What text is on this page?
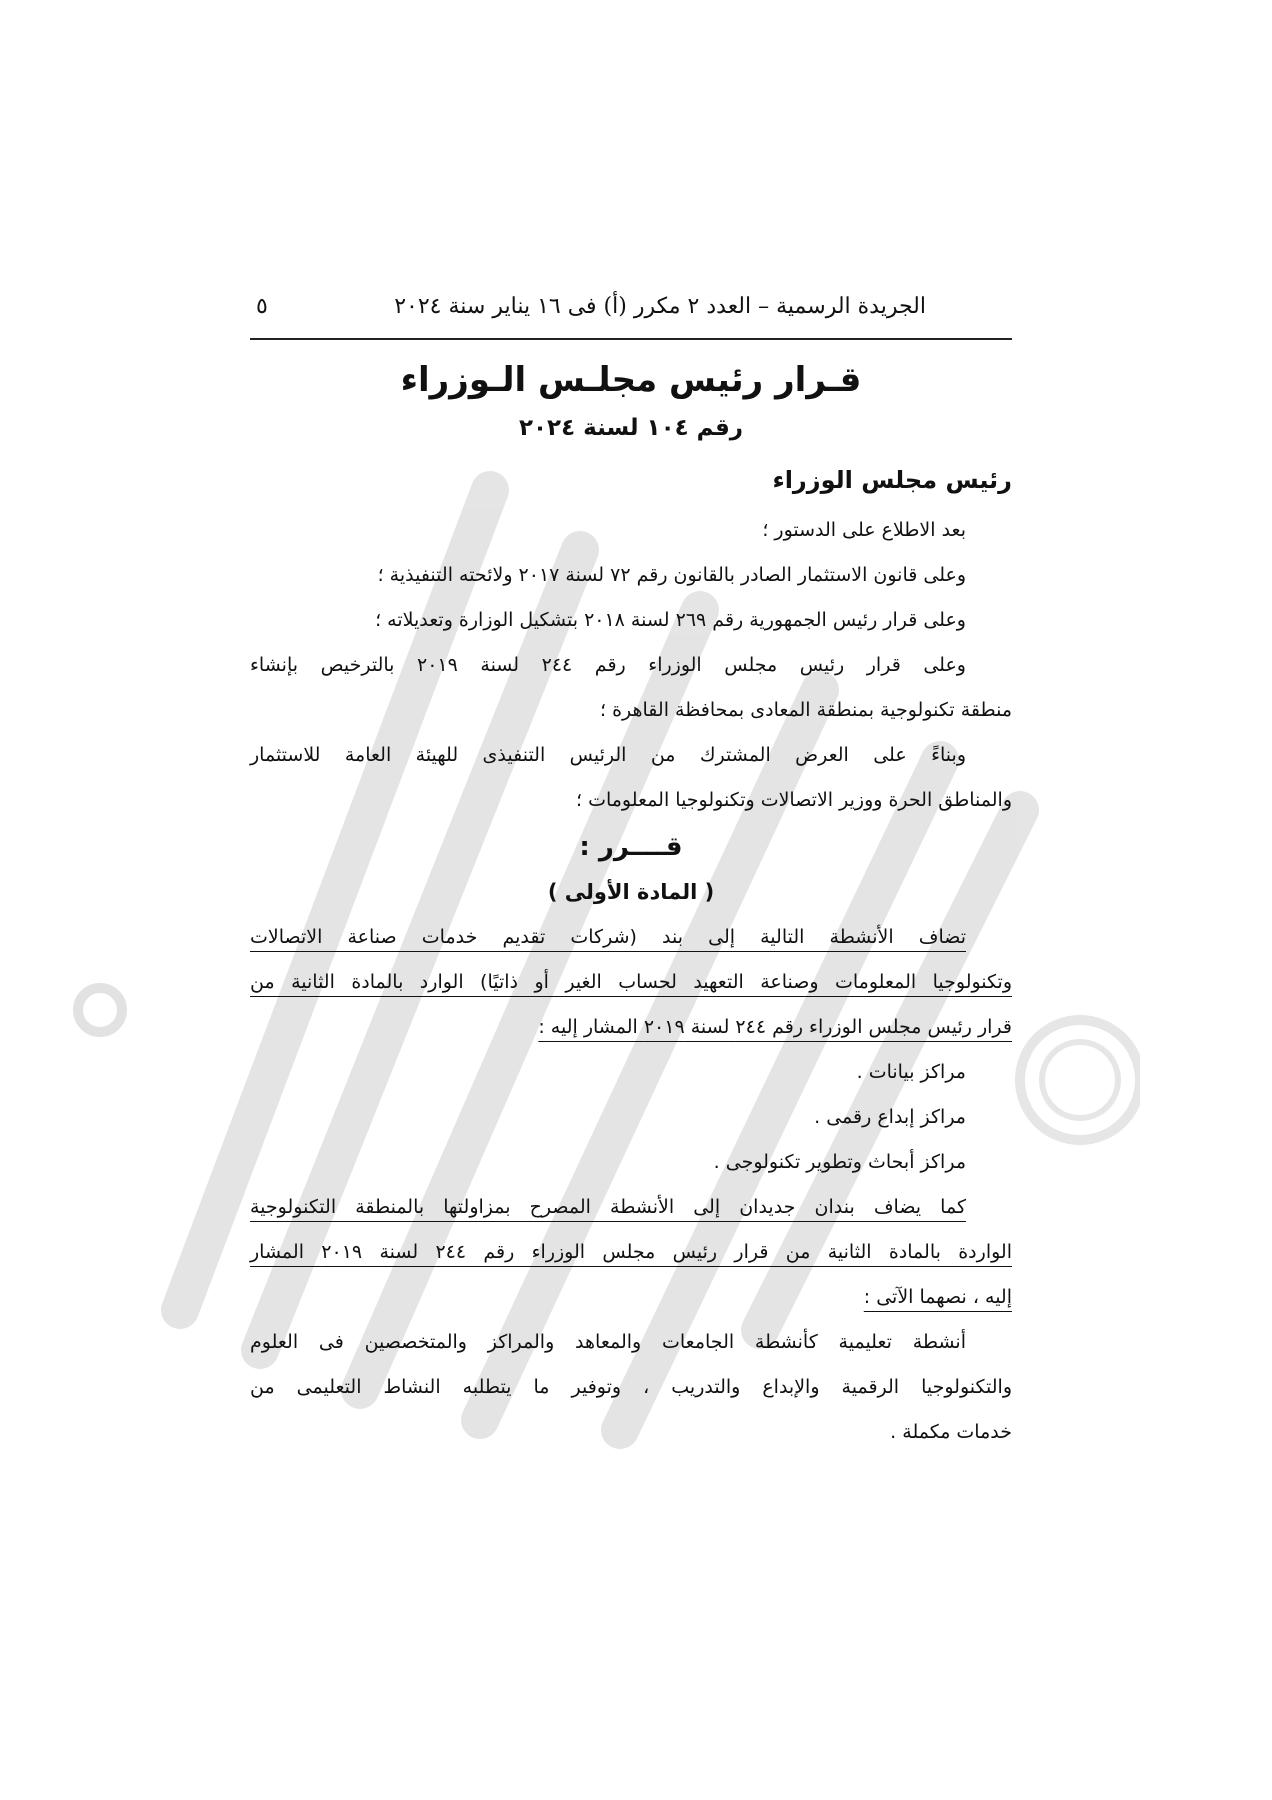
الجريدة الرسمية – العدد ٢ مكرر (أ) فى ١٦ يناير سنة ٢٠٢٤
٥
قـرار رئيس مجلـس الـوزراء
رقم ١٠٤ لسنة ٢٠٢٤
رئيس مجلس الوزراء

بعد الاطلاع على الدستور ؛

وعلى قانون الاستثمار الصادر بالقانون رقم ٧٢ لسنة ٢٠١٧ ولائحته التنفيذية ؛

وعلى قرار رئيس الجمهورية رقم ٢٦٩ لسنة ٢٠١٨ بتشكيل الوزارة وتعديلاته ؛

وعلى قرار رئيس مجلس الوزراء رقم ٢٤٤ لسنة ٢٠١٩ بالترخيص بإنشاء

منطقة تكنولوجية بمنطقة المعادى بمحافظة القاهرة ؛

وبناءً على العرض المشترك من الرئيس التنفيذى للهيئة العامة للاستثمار

والمناطق الحرة ووزير الاتصالات وتكنولوجيا المعلومات ؛

قــــرر :

( المادة الأولى )

تضاف الأنشطة التالية إلى بند (شركات تقديم خدمات صناعة الاتصالات

وتكنولوجيا المعلومات وصناعة التعهيد لحساب الغير أو ذاتيًا) الوارد بالمادة الثانية من

قرار رئيس مجلس الوزراء رقم ٢٤٤ لسنة ٢٠١٩ المشار إليه :

مراكز بيانات .

مراكز إبداع رقمى .

مراكز أبحاث وتطوير تكنولوجى .

كما يضاف بندان جديدان إلى الأنشطة المصرح بمزاولتها بالمنطقة التكنولوجية

الواردة بالمادة الثانية من قرار رئيس مجلس الوزراء رقم ٢٤٤ لسنة ٢٠١٩ المشار

إليه ، نصهما الآتى :

أنشطة تعليمية كأنشطة الجامعات والمعاهد والمراكز والمتخصصين فى العلوم

والتكنولوجيا الرقمية والإبداع والتدريب ، وتوفير ما يتطلبه النشاط التعليمى من

خدمات مكملة .
